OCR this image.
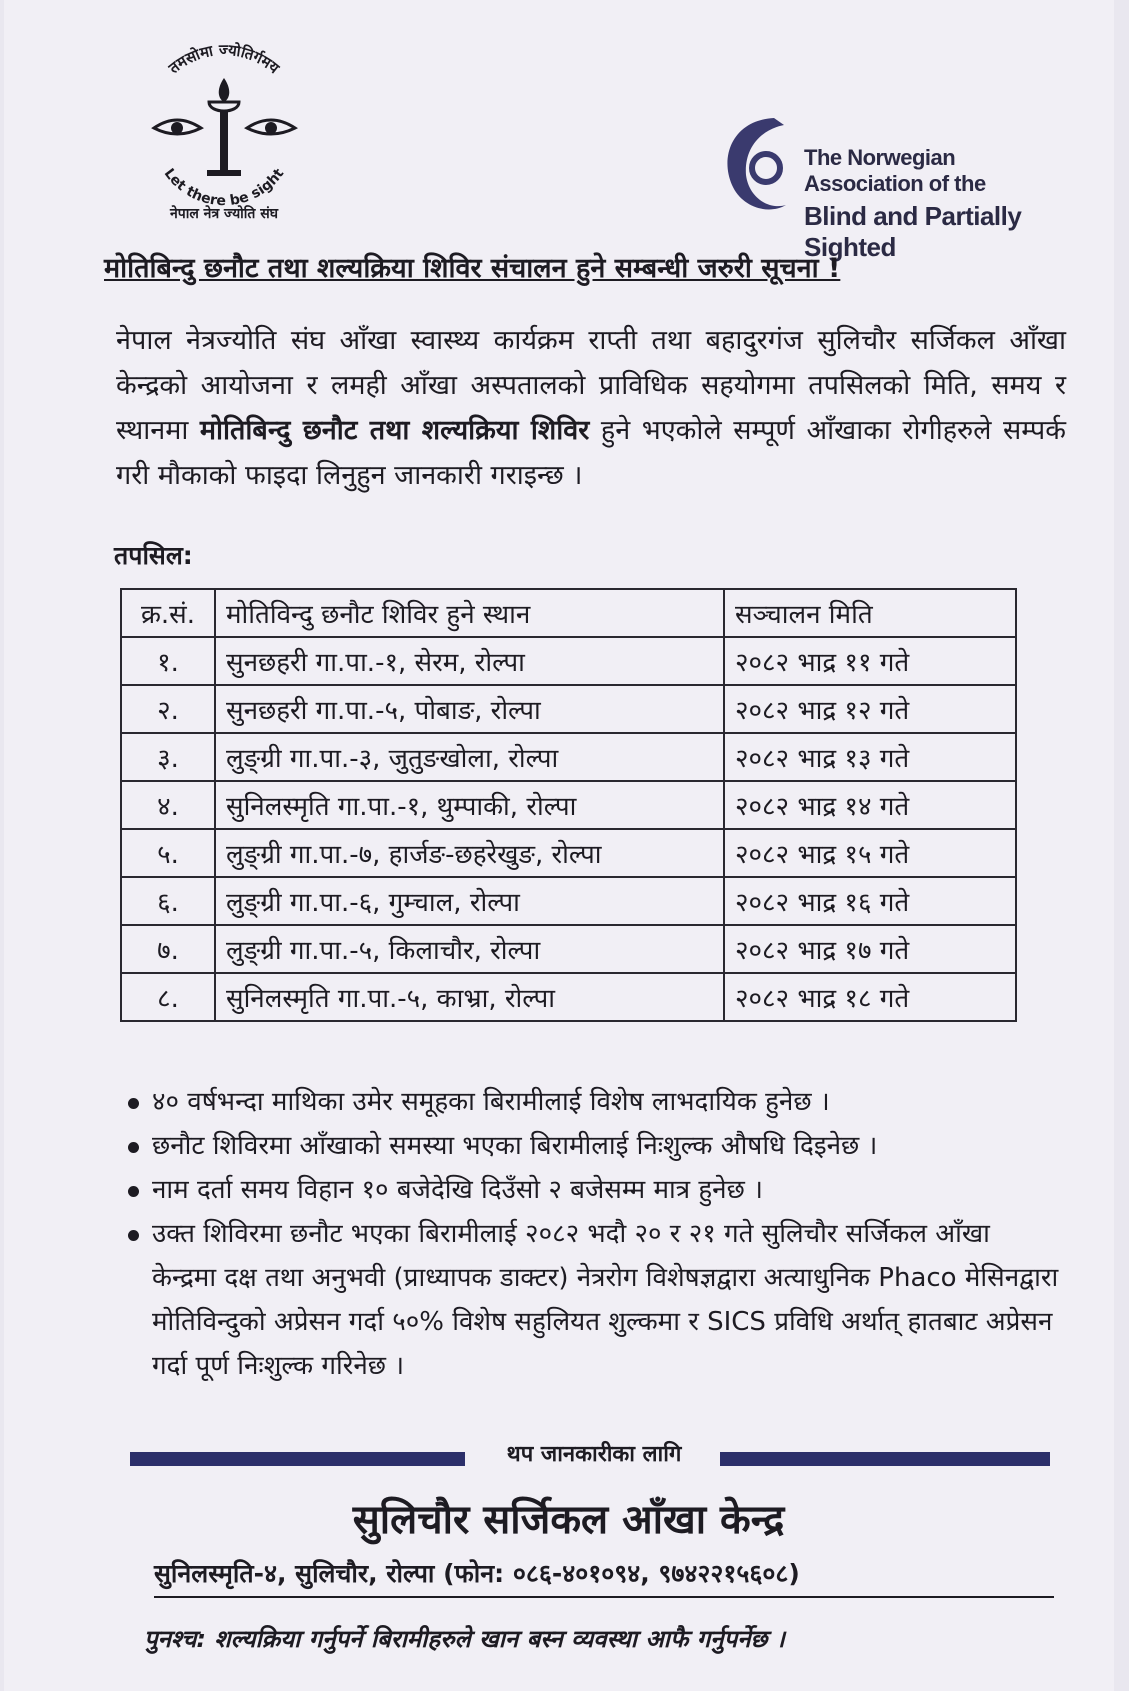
तमसोमा ज्योतिर्गमय
Let there be sight
नेपाल नेत्र ज्योति संघ
The Norwegian Association of the
Blind and Partially Sighted
मोतिबिन्दु छनौट तथा शल्यक्रिया शिविर संचालन हुने सम्बन्धी जरुरी सूचना !
नेपाल नेत्रज्योति संघ आँखा स्वास्थ्य कार्यक्रम राप्ती तथा बहादुरगंज सुलिचौर सर्जिकल आँखा केन्द्रको आयोजना र लमही आँखा अस्पतालको प्राविधिक सहयोगमा तपसिलको मिति, समय र स्थानमा मोतिबिन्दु छनौट तथा शल्यक्रिया शिविर हुने भएकोले सम्पूर्ण आँखाका रोगीहरुले सम्पर्क गरी मौकाको फाइदा लिनुहुन जानकारी गराइन्छ ।
तपसिल:
क्र.सं.	मोतिविन्दु छनौट शिविर हुने स्थान	सञ्चालन मिति
१.	सुनछहरी गा.पा.-१, सेरम, रोल्पा	२०८२ भाद्र ११ गते
२.	सुनछहरी गा.पा.-५, पोबाङ, रोल्पा	२०८२ भाद्र १२ गते
३.	लुङ्ग्री गा.पा.-३, जुतुङखोला, रोल्पा	२०८२ भाद्र १३ गते
४.	सुनिलस्मृति गा.पा.-१, थुम्पाकी, रोल्पा	२०८२ भाद्र १४ गते
५.	लुङ्ग्री गा.पा.-७, हार्जङ-छहरेखुङ, रोल्पा	२०८२ भाद्र १५ गते
६.	लुङ्ग्री गा.पा.-६, गुम्चाल, रोल्पा	२०८२ भाद्र १६ गते
७.	लुङ्ग्री गा.पा.-५, किलाचौर, रोल्पा	२०८२ भाद्र १७ गते
८.	सुनिलस्मृति गा.पा.-५, काभ्रा, रोल्पा	२०८२ भाद्र १८ गते
४० वर्षभन्दा माथिका उमेर समूहका बिरामीलाई विशेष लाभदायिक हुनेछ ।
छनौट शिविरमा आँखाको समस्या भएका बिरामीलाई निःशुल्क औषधि दिइनेछ ।
नाम दर्ता समय विहान १० बजेदेखि दिउँसो २ बजेसम्म मात्र हुनेछ ।
उक्त शिविरमा छनौट भएका बिरामीलाई २०८२ भदौ २० र २१ गते सुलिचौर सर्जिकल आँखा केन्द्रमा दक्ष तथा अनुभवी (प्राध्यापक डाक्टर) नेत्ररोग विशेषज्ञद्वारा अत्याधुनिक Phaco मेसिनद्वारा मोतिविन्दुको अप्रेसन गर्दा ५०% विशेष सहुलियत शुल्कमा र SICS प्रविधि अर्थात् हातबाट अप्रेसन गर्दा पूर्ण निःशुल्क गरिनेछ ।
थप जानकारीका लागि
सुलिचौर सर्जिकल आँखा केन्द्र
सुनिलस्मृति-४, सुलिचौर, रोल्पा (फोन: ०८६-४०१०९४, ९७४२२१५६०८)
पुनश्च: शल्यक्रिया गर्नुपर्ने बिरामीहरुले खान बस्न व्यवस्था आफै गर्नुपर्नेछ ।
